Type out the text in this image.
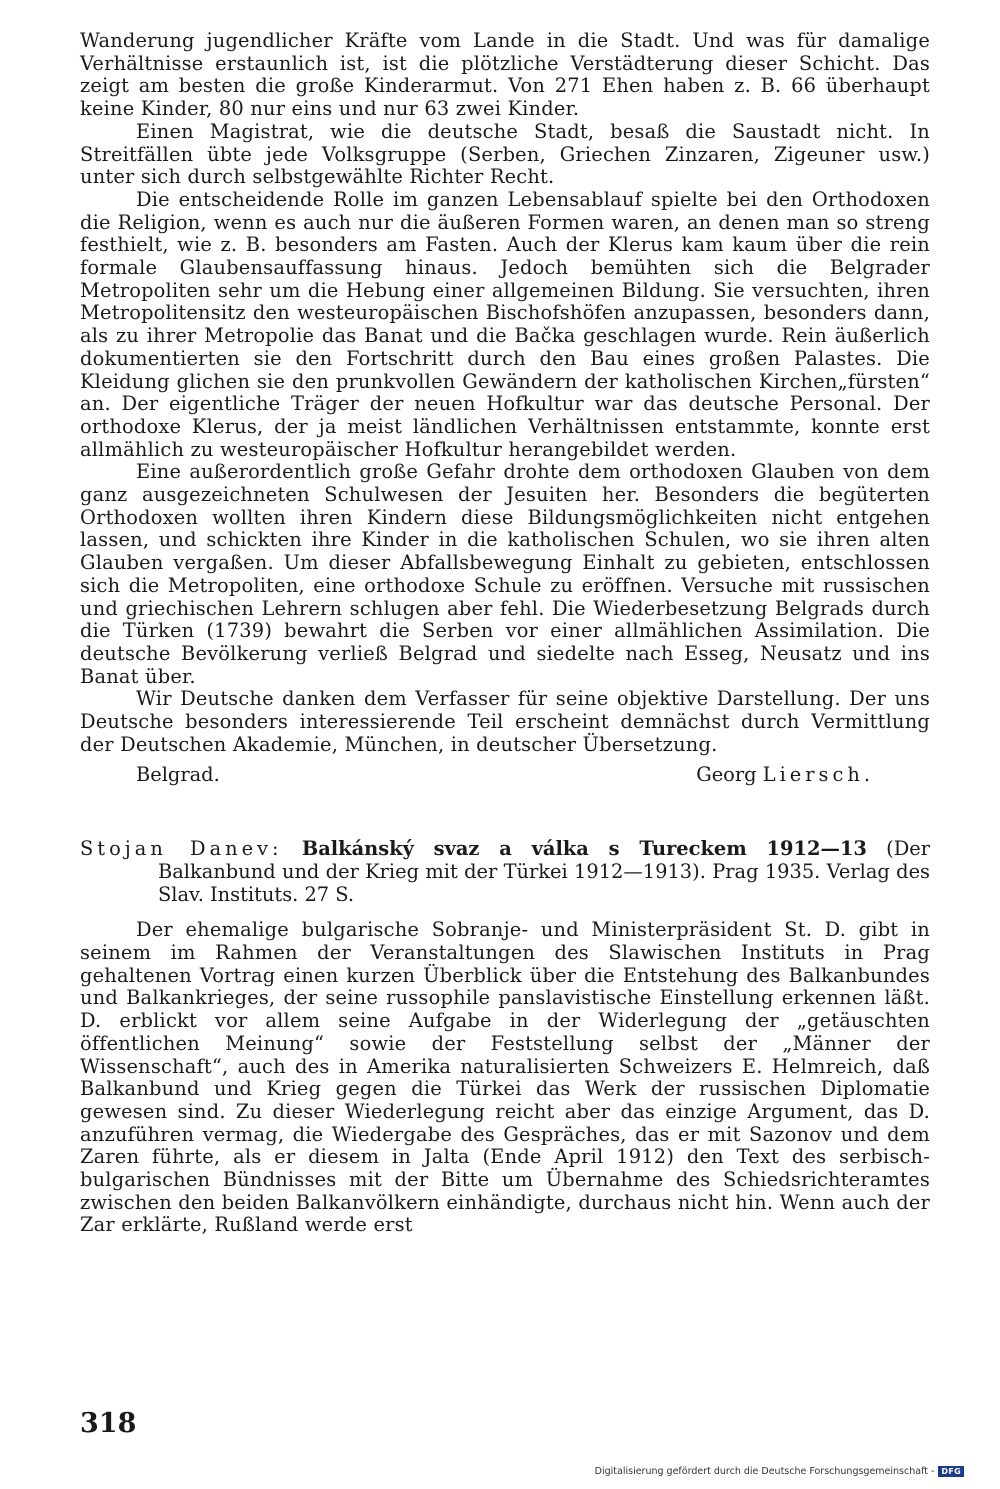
Wanderung jugendlicher Kräfte vom Lande in die Stadt. Und was für damalige Verhältnisse erstaunlich ist, ist die plötzliche Verstädterung dieser Schicht. Das zeigt am besten die große Kinderarmut. Von 271 Ehen haben z. B. 66 überhaupt keine Kinder, 80 nur eins und nur 63 zwei Kinder.

Einen Magistrat, wie die deutsche Stadt, besaß die Saustadt nicht. In Streitfällen übte jede Volksgruppe (Serben, Griechen Zinzaren, Zigeuner usw.) unter sich durch selbstgewählte Richter Recht.

Die entscheidende Rolle im ganzen Lebensablauf spielte bei den Orthodoxen die Religion, wenn es auch nur die äußeren Formen waren, an denen man so streng festhielt, wie z. B. besonders am Fasten. Auch der Klerus kam kaum über die rein formale Glaubensauffassung hinaus. Jedoch bemühten sich die Belgrader Metropoliten sehr um die Hebung einer allgemeinen Bildung. Sie versuchten, ihren Metropolitensitz den westeuropäischen Bischofshöfen anzupassen, besonders dann, als zu ihrer Metropolie das Banat und die Bačka geschlagen wurde. Rein äußerlich dokumentierten sie den Fortschritt durch den Bau eines großen Palastes. Die Kleidung glichen sie den prunkvollen Gewändern der katholischen Kirchen„fürsten“ an. Der eigentliche Träger der neuen Hofkultur war das deutsche Personal. Der orthodoxe Klerus, der ja meist ländlichen Verhältnissen entstammte, konnte erst allmählich zu westeuropäischer Hofkultur herangebildet werden.

Eine außerordentlich große Gefahr drohte dem orthodoxen Glauben von dem ganz ausgezeichneten Schulwesen der Jesuiten her. Besonders die begüterten Orthodoxen wollten ihren Kindern diese Bildungsmöglichkeiten nicht entgehen lassen, und schickten ihre Kinder in die katholischen Schulen, wo sie ihren alten Glauben vergaßen. Um dieser Abfallsbewegung Einhalt zu gebieten, entschlossen sich die Metropoliten, eine orthodoxe Schule zu eröffnen. Versuche mit russischen und griechischen Lehrern schlugen aber fehl. Die Wiederbesetzung Belgrads durch die Türken (1739) bewahrt die Serben vor einer allmählichen Assimilation. Die deutsche Bevölkerung verließ Belgrad und siedelte nach Esseg, Neusatz und ins Banat über.

Wir Deutsche danken dem Verfasser für seine objektive Darstellung. Der uns Deutsche besonders interessierende Teil erscheint demnächst durch Vermittlung der Deutschen Akademie, München, in deutscher Übersetzung.

Belgrad.	Georg Liersch.
Stojan Danev: Balkánský svaz a válka s Tureckem 1912—13 (Der Balkanbund und der Krieg mit der Türkei 1912—1913). Prag 1935. Verlag des Slav. Instituts. 27 S.

Der ehemalige bulgarische Sobranje- und Ministerpräsident St. D. gibt in seinem im Rahmen der Veranstaltungen des Slawischen Instituts in Prag gehaltenen Vortrag einen kurzen Überblick über die Entstehung des Balkanbundes und Balkankrieges, der seine russophile panslavistische Einstellung erkennen läßt. D. erblickt vor allem seine Aufgabe in der Widerlegung der „getäuschten öffentlichen Meinung“ sowie der Feststellung selbst der „Männer der Wissenschaft“, auch des in Amerika naturalisierten Schweizers E. Helmreich, daß Balkanbund und Krieg gegen die Türkei das Werk der russischen Diplomatie gewesen sind. Zu dieser Wiederlegung reicht aber das einzige Argument, das D. anzuführen vermag, die Wiedergabe des Gespräches, das er mit Sazonov und dem Zaren führte, als er diesem in Jalta (Ende April 1912) den Text des serbisch-bulgarischen Bündnisses mit der Bitte um Übernahme des Schiedsrichteramtes zwischen den beiden Balkanvölkern einhändigte, durchaus nicht hin. Wenn auch der Zar erklärte, Rußland werde erst

318
Digitalisierung gefördert durch die Deutsche Forschungsgemeinschaft - DFG
